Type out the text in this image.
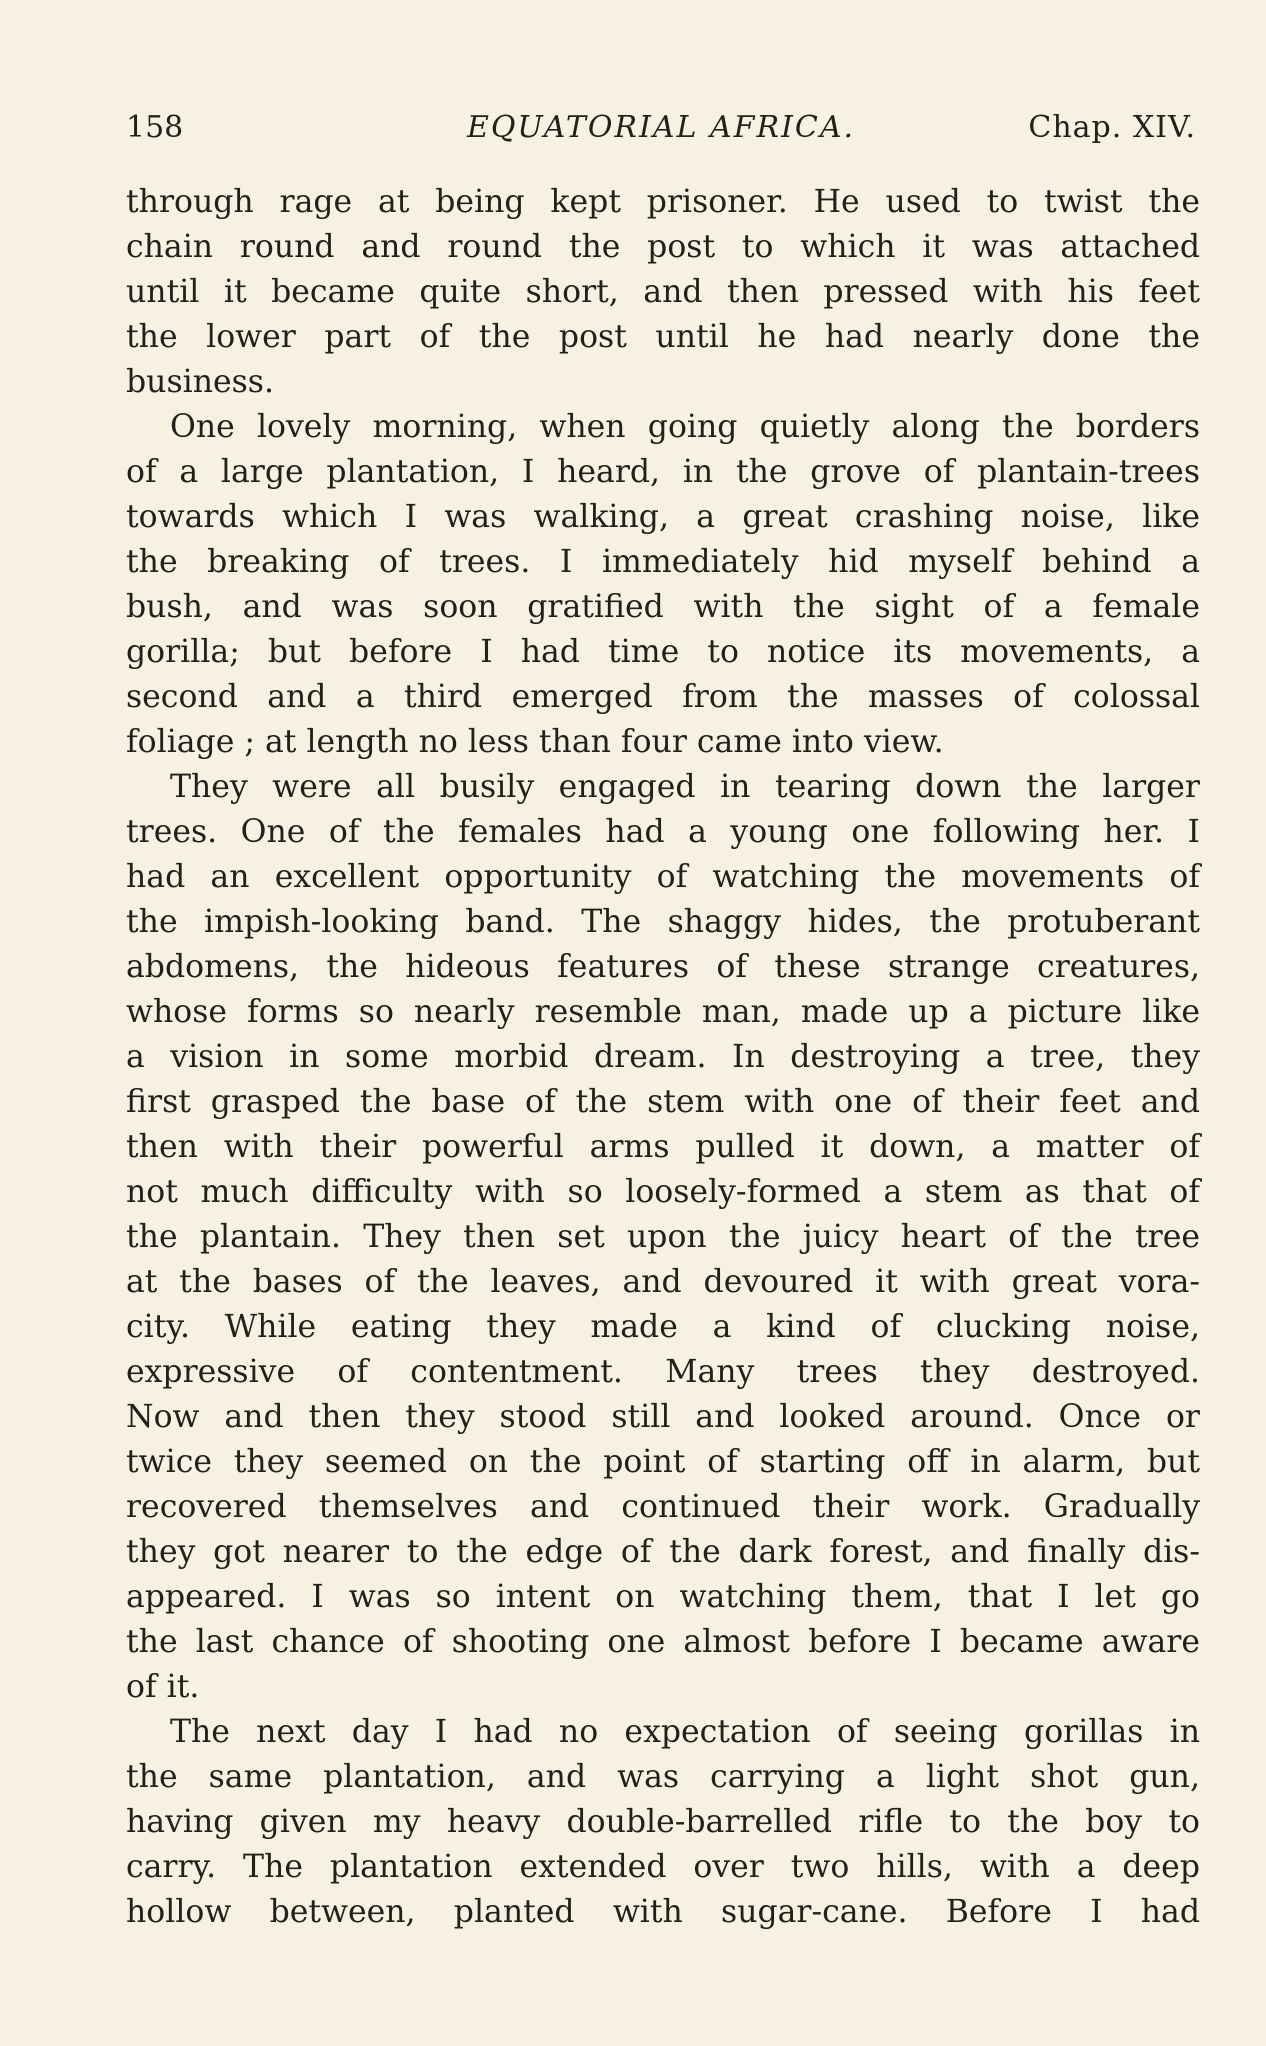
158	EQUATORIAL AFRICA.	Chap. XIV.
through rage at being kept prisoner. He used to twist the
chain round and round the post to which it was attached
until it became quite short, and then pressed with his feet
the lower part of the post until he had nearly done the
business.
One lovely morning, when going quietly along the borders
of a large plantation, I heard, in the grove of plantain-trees
towards which I was walking, a great crashing noise, like
the breaking of trees. I immediately hid myself behind a
bush, and was soon gratified with the sight of a female
gorilla; but before I had time to notice its movements, a
second and a third emerged from the masses of colossal
foliage ; at length no less than four came into view.
They were all busily engaged in tearing down the larger
trees. One of the females had a young one following her. I
had an excellent opportunity of watching the movements of
the impish-looking band. The shaggy hides, the protuberant
abdomens, the hideous features of these strange creatures,
whose forms so nearly resemble man, made up a picture like
a vision in some morbid dream. In destroying a tree, they
first grasped the base of the stem with one of their feet and
then with their powerful arms pulled it down, a matter of
not much difficulty with so loosely-formed a stem as that of
the plantain. They then set upon the juicy heart of the tree
at the bases of the leaves, and devoured it with great vora-
city. While eating they made a kind of clucking noise,
expressive of contentment. Many trees they destroyed.
Now and then they stood still and looked around. Once or
twice they seemed on the point of starting off in alarm, but
recovered themselves and continued their work. Gradually
they got nearer to the edge of the dark forest, and finally dis-
appeared. I was so intent on watching them, that I let go
the last chance of shooting one almost before I became aware
of it.
The next day I had no expectation of seeing gorillas in
the same plantation, and was carrying a light shot gun,
having given my heavy double-barrelled rifle to the boy to
carry. The plantation extended over two hills, with a deep
hollow between, planted with sugar-cane. Before I had
